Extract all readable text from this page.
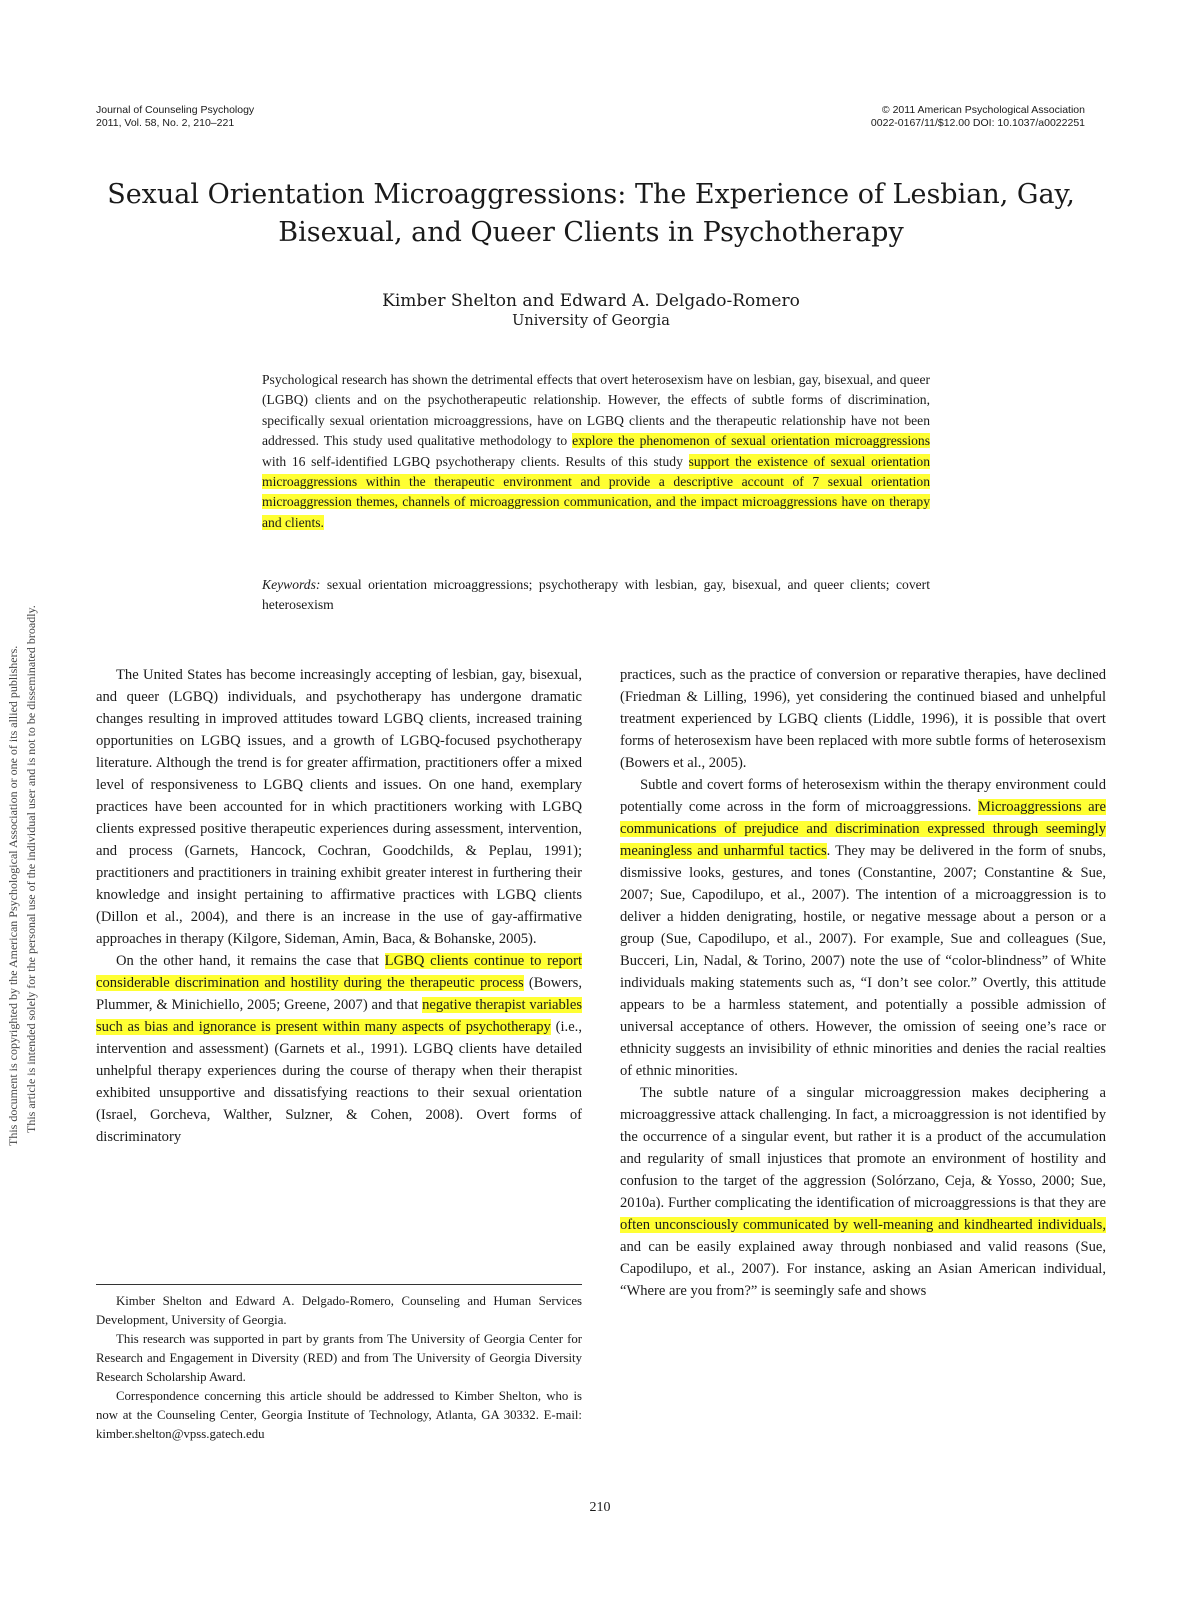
Journal of Counseling Psychology
2011, Vol. 58, No. 2, 210–221
© 2011 American Psychological Association
0022-0167/11/$12.00 DOI: 10.1037/a0022251
This document is copyrighted by the American Psychological Association or one of its allied publishers. This article is intended solely for the personal use of the individual user and is not to be disseminated broadly.
Sexual Orientation Microaggressions: The Experience of Lesbian, Gay,
Bisexual, and Queer Clients in Psychotherapy
Kimber Shelton and Edward A. Delgado-Romero
University of Georgia
Psychological research has shown the detrimental effects that overt heterosexism have on lesbian, gay, bisexual, and queer (LGBQ) clients and on the psychotherapeutic relationship. However, the effects of subtle forms of discrimination, specifically sexual orientation microaggressions, have on LGBQ clients and the therapeutic relationship have not been addressed. This study used qualitative methodology to explore the phenomenon of sexual orientation microaggressions with 16 self-identified LGBQ psychotherapy clients. Results of this study support the existence of sexual orientation microaggressions within the therapeutic environment and provide a descriptive account of 7 sexual orientation microaggression themes, channels of microaggression communication, and the impact microaggressions have on therapy and clients.
Keywords: sexual orientation microaggressions; psychotherapy with lesbian, gay, bisexual, and queer clients; covert heterosexism

The United States has become increasingly accepting of lesbian, gay, bisexual, and queer (LGBQ) individuals, and psychotherapy has undergone dramatic changes resulting in improved attitudes toward LGBQ clients, increased training opportunities on LGBQ issues, and a growth of LGBQ-focused psychotherapy literature. Although the trend is for greater affirmation, practitioners offer a mixed level of responsiveness to LGBQ clients and issues. On one hand, exemplary practices have been accounted for in which practitioners working with LGBQ clients expressed positive therapeutic experiences during assessment, intervention, and process (Garnets, Hancock, Cochran, Goodchilds, & Peplau, 1991); practitioners and practitioners in training exhibit greater interest in furthering their knowledge and insight pertaining to affirmative practices with LGBQ clients (Dillon et al., 2004), and there is an increase in the use of gay-affirmative approaches in therapy (Kilgore, Sideman, Amin, Baca, & Bohanske, 2005).

On the other hand, it remains the case that LGBQ clients continue to report considerable discrimination and hostility during the therapeutic process (Bowers, Plummer, & Minichiello, 2005; Greene, 2007) and that negative therapist variables such as bias and ignorance is present within many aspects of psychotherapy (i.e., intervention and assessment) (Garnets et al., 1991). LGBQ clients have detailed unhelpful therapy experiences during the course of therapy when their therapist exhibited unsupportive and dissatisfying reactions to their sexual orientation (Israel, Gorcheva, Walther, Sulzner, & Cohen, 2008). Overt forms of discriminatory

Kimber Shelton and Edward A. Delgado-Romero, Counseling and Human Services Development, University of Georgia.

This research was supported in part by grants from The University of Georgia Center for Research and Engagement in Diversity (RED) and from The University of Georgia Diversity Research Scholarship Award.

Correspondence concerning this article should be addressed to Kimber Shelton, who is now at the Counseling Center, Georgia Institute of Technology, Atlanta, GA 30332. E-mail: kimber.shelton@vpss.gatech.edu

practices, such as the practice of conversion or reparative therapies, have declined (Friedman & Lilling, 1996), yet considering the continued biased and unhelpful treatment experienced by LGBQ clients (Liddle, 1996), it is possible that overt forms of heterosexism have been replaced with more subtle forms of heterosexism (Bowers et al., 2005).

Subtle and covert forms of heterosexism within the therapy environment could potentially come across in the form of microaggressions. Microaggressions are communications of prejudice and discrimination expressed through seemingly meaningless and unharmful tactics. They may be delivered in the form of snubs, dismissive looks, gestures, and tones (Constantine, 2007; Constantine & Sue, 2007; Sue, Capodilupo, et al., 2007). The intention of a microaggression is to deliver a hidden denigrating, hostile, or negative message about a person or a group (Sue, Capodilupo, et al., 2007). For example, Sue and colleagues (Sue, Bucceri, Lin, Nadal, & Torino, 2007) note the use of “color-blindness” of White individuals making statements such as, “I don’t see color.” Overtly, this attitude appears to be a harmless statement, and potentially a possible admission of universal acceptance of others. However, the omission of seeing one’s race or ethnicity suggests an invisibility of ethnic minorities and denies the racial realties of ethnic minorities.

The subtle nature of a singular microaggression makes deciphering a microaggressive attack challenging. In fact, a microaggression is not identified by the occurrence of a singular event, but rather it is a product of the accumulation and regularity of small injustices that promote an environment of hostility and confusion to the target of the aggression (Solórzano, Ceja, & Yosso, 2000; Sue, 2010a). Further complicating the identification of microaggressions is that they are often unconsciously communicated by well-meaning and kindhearted individuals, and can be easily explained away through nonbiased and valid reasons (Sue, Capodilupo, et al., 2007). For instance, asking an Asian American individual, “Where are you from?” is seemingly safe and shows

210
